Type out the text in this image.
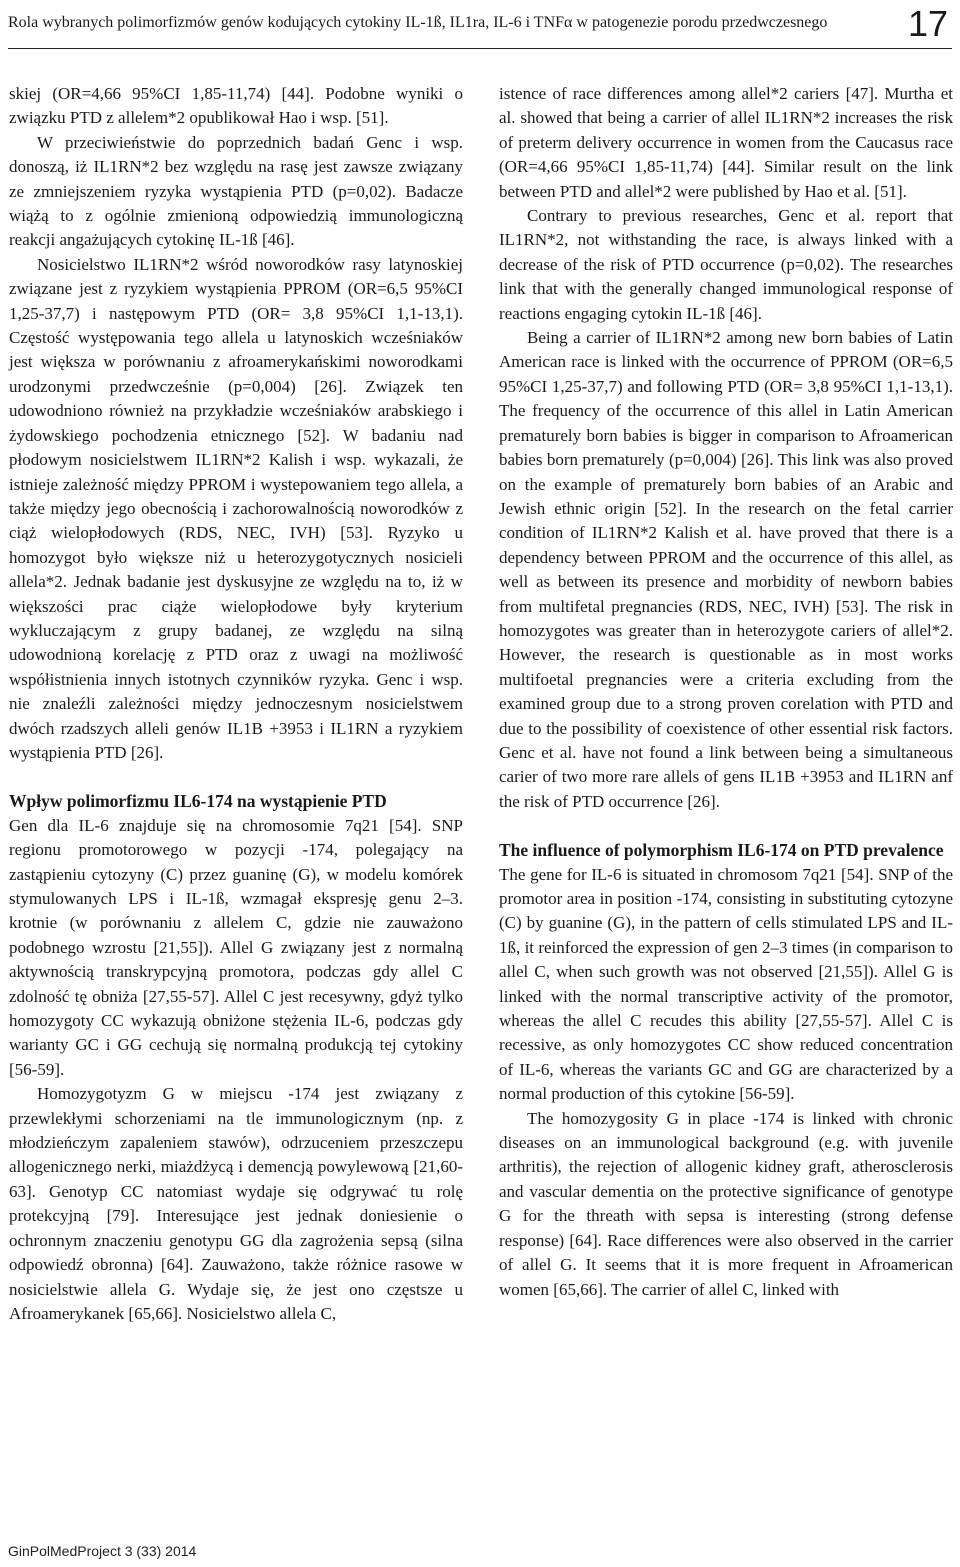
Rola wybranych polimorfizmów genów kodujących cytokiny IL-1ß, IL1ra, IL-6 i TNFα w patogenezie porodu przedwczesnego 17

skiej (OR=4,66 95%CI 1,85-11,74) [44]. Podobne wyniki o związku PTD z allelem*2 opublikował Hao i wsp. [51].

W przeciwieństwie do poprzednich badań Genc i wsp. donoszą, iż IL1RN*2 bez względu na rasę jest zawsze związany ze zmniejszeniem ryzyka wystąpienia PTD (p=0,02). Badacze wiążą to z ogólnie zmienioną odpowiedzią immunologiczną reakcji angażujących cytokinę IL-1ß [46].

Nosicielstwo IL1RN*2 wśród noworodków rasy latynoskiej związane jest z ryzykiem wystąpienia PPROM (OR=6,5 95%CI 1,25-37,7) i następowym PTD (OR= 3,8 95%CI 1,1-13,1). Częstość występowania tego allela u latynoskich wcześniaków jest większa w porównaniu z afroamerykańskimi noworodkami urodzonymi przedwcześnie (p=0,004) [26]. Związek ten udowodniono również na przykładzie wcześniaków arabskiego i żydowskiego pochodzenia etnicznego [52]. W badaniu nad płodowym nosicielstwem IL1RN*2 Kalish i wsp. wykazali, że istnieje zależność między PPROM i wystepowaniem tego allela, a także między jego obecnością i zachorowalnością noworodków z ciąż wielopłodowych (RDS, NEC, IVH) [53]. Ryzyko u homozygot było większe niż u heterozygotycznych nosicieli allela*2. Jednak badanie jest dyskusyjne ze względu na to, iż w większości prac ciąże wielopłodowe były kryterium wykluczającym z grupy badanej, ze względu na silną udowodnioną korelację z PTD oraz z uwagi na możliwość współistnienia innych istotnych czynników ryzyka. Genc i wsp. nie znaleźli zależności między jednoczesnym nosicielstwem dwóch rzadszych alleli genów IL1B +3953 i IL1RN a ryzykiem wystąpienia PTD [26].

Wpływ polimorfizmu IL6-174 na wystąpienie PTD

Gen dla IL-6 znajduje się na chromosomie 7q21 [54]. SNP regionu promotorowego w pozycji -174, polegający na zastąpieniu cytozyny (C) przez guaninę (G), w modelu komórek stymulowanych LPS i IL-1ß, wzmagał ekspresję genu 2–3. krotnie (w porównaniu z allelem C, gdzie nie zauważono podobnego wzrostu [21,55]). Allel G związany jest z normalną aktywnością transkrypcyjną promotora, podczas gdy allel C zdolność tę obniża [27,55-57]. Allel C jest recesywny, gdyż tylko homozygoty CC wykazują obniżone stężenia IL-6, podczas gdy warianty GC i GG cechują się normalną produkcją tej cytokiny [56-59].

Homozygotyzm G w miejscu -174 jest związany z przewlekłymi schorzeniami na tle immunologicznym (np. z młodzieńczym zapaleniem stawów), odrzuceniem przeszczepu allogenicznego nerki, miażdżycą i demencją powylewową [21,60-63]. Genotyp CC natomiast wydaje się odgrywać tu rolę protekcyjną [79]. Interesujące jest jednak doniesienie o ochronnym znaczeniu genotypu GG dla zagrożenia sepsą (silna odpowiedź obronna) [64]. Zauważono, także różnice rasowe w nosicielstwie allela G. Wydaje się, że jest ono częstsze u Afroamerykanek [65,66]. Nosicielstwo allela C,

istence of race differences among allel*2 cariers [47]. Murtha et al. showed that being a carrier of allel IL1RN*2 increases the risk of preterm delivery occurrence in women from the Caucasus race (OR=4,66 95%CI 1,85-11,74) [44]. Similar result on the link between PTD and allel*2 were published by Hao et al. [51].

Contrary to previous researches, Genc et al. report that IL1RN*2, not withstanding the race, is always linked with a decrease of the risk of PTD occurrence (p=0,02). The researches link that with the generally changed immunological response of reactions engaging cytokin IL-1ß [46].

Being a carrier of IL1RN*2 among new born babies of Latin American race is linked with the occurrence of PPROM (OR=6,5 95%CI 1,25-37,7) and following PTD (OR= 3,8 95%CI 1,1-13,1). The frequency of the occurrence of this allel in Latin American prematurely born babies is bigger in comparison to Afroamerican babies born prematurely (p=0,004) [26]. This link was also proved on the example of prematurely born babies of an Arabic and Jewish ethnic origin [52]. In the research on the fetal carrier condition of IL1RN*2 Kalish et al. have proved that there is a dependency between PPROM and the occurrence of this allel, as well as between its presence and morbidity of newborn babies from multifetal pregnancies (RDS, NEC, IVH) [53]. The risk in homozygotes was greater than in heterozygote cariers of allel*2. However, the research is questionable as in most works multifoetal pregnancies were a criteria excluding from the examined group due to a strong proven corelation with PTD and due to the possibility of coexistence of other essential risk factors. Genc et al. have not found a link between being a simultaneous carier of two more rare allels of gens IL1B +3953 and IL1RN anf the risk of PTD occurrence [26].

The influence of polymorphism IL6-174 on PTD prevalence

The gene for IL-6 is situated in chromosom 7q21 [54]. SNP of the promotor area in position -174, consisting in substituting cytozyne (C) by guanine (G), in the pattern of cells stimulated LPS and IL-1ß, it reinforced the expression of gen 2–3 times (in comparison to allel C, when such growth was not observed [21,55]). Allel G is linked with the normal transcriptive activity of the promotor, whereas the allel C recudes this ability [27,55-57]. Allel C is recessive, as only homozygotes CC show reduced concentration of IL-6, whereas the variants GC and GG are characterized by a normal production of this cytokine [56-59].

The homozygosity G in place -174 is linked with chronic diseases on an immunological background (e.g. with juvenile arthritis), the rejection of allogenic kidney graft, atherosclerosis and vascular dementia on the protective significance of genotype G for the threath with sepsa is interesting (strong defense response) [64]. Race differences were also observed in the carrier of allel G. It seems that it is more frequent in Afroamerican women [65,66]. The carrier of allel C, linked with

GinPolMedProject 3 (33) 2014
